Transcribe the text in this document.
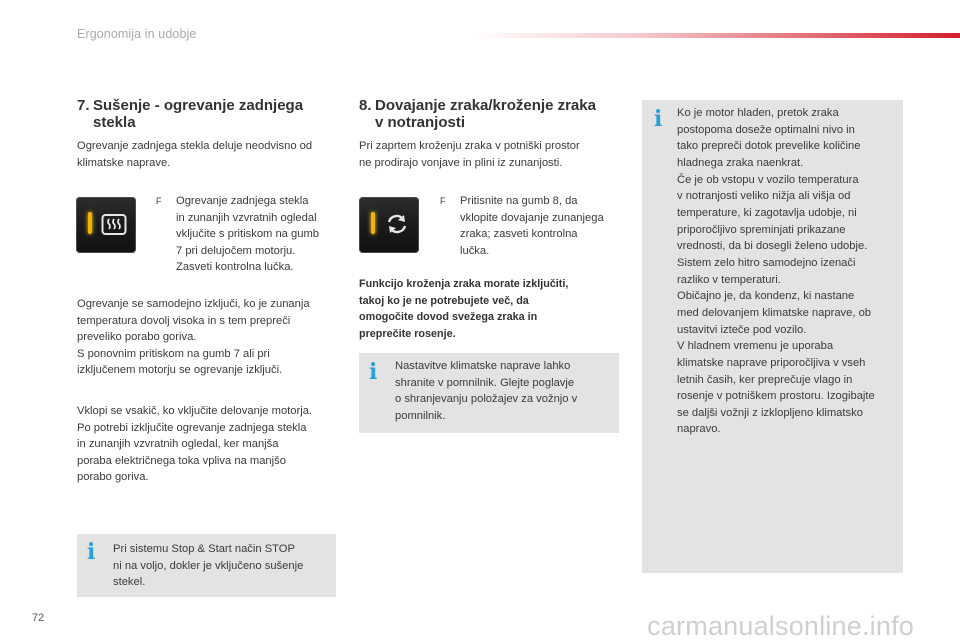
Ergonomija in udobje
7. Sušenje - ogrevanje zadnjega
stekla

Ogrevanje zadnjega stekla deluje neodvisno od klimatske naprave.

F Ogrevanje zadnjega stekla
in zunanjih vzvratnih ogledal
vključite s pritiskom na gumb
7 pri delujočem motorju.
Zasveti kontrolna lučka.
Ogrevanje se samodejno izključi, ko je zunanja
temperatura dovolj visoka in s tem prepreči
preveliko porabo goriva.
S ponovnim pritiskom na gumb 7 ali pri
izključenem motorju se ogrevanje izključi.
Vklopi se vsakič, ko vključite delovanje motorja.
Po potrebi izključite ogrevanje zadnjega stekla
in zunanjih vzvratnih ogledal, ker manjša
poraba električnega toka vpliva na manjšo
porabo goriva.
i Pri sistemu Stop & Start način STOP
ni na voljo, dokler je vključeno sušenje
stekel.
8. Dovajanje zraka/kroženje zraka
v notranjosti
Pri zaprtem kroženju zraka v potniški prostor
ne prodirajo vonjave in plini iz zunanjosti.
F Pritisnite na gumb 8, da
vklopite dovajanje zunanjega
zraka; zasveti kontrolna
lučka.
Funkcijo kroženja zraka morate izključiti,
takoj ko je ne potrebujete več, da
omogočite dovod svežega zraka in
preprečite rosenje.
i Nastavitve klimatske naprave lahko
shranite v pomnilnik. Glejte poglavje
o shranjevanju položajev za vožnjo v
pomnilnik.
i Ko je motor hladen, pretok zraka
postopoma doseže optimalni nivo in
tako prepreči dotok prevelike količine
hladnega zraka naenkrat.
Če je ob vstopu v vozilo temperatura
v notranjosti veliko nižja ali višja od
temperature, ki zagotavlja udobje, ni
priporočljivo spreminjati prikazane
vrednosti, da bi dosegli želeno udobje.
Sistem zelo hitro samodejno izenači
razliko v temperaturi.
Običajno je, da kondenz, ki nastane
med delovanjem klimatske naprave, ob
ustavitvi izteče pod vozilo.
V hladnem vremenu je uporaba
klimatske naprave priporočljiva v vseh
letnih časih, ker preprečuje vlago in
rosenje v potniškem prostoru. Izogibajte
se daljši vožnji z izklopljeno klimatsko
napravo.
72	carmanualsonline.info
